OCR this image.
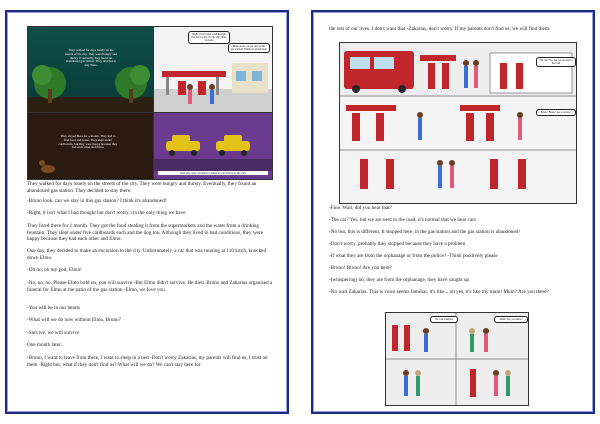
They walked for days lonely on the streets of the city. They were hungry and thirsty. Eventually, they found an abandoned gas station. They decided to stay there.
Right, it isn't what I had thought but don't worry, it's the only thing we have
Bruno look, can we stay in this gas station? I think it's abandoned!
They stayed there for a month. They had to find food and water. They slept under cardboards, but they were happy because they had each other and Elmo.
One day, they decided to make an excursion to the city
They walked for days lonely on the streets of the city. They were hungry and thirsty. Eventually, they found an abandoned gas station. They decided to stay there.
-Bruno look, can we stay in this gas station? I think it's abandoned!
-Right, it isn't what I had thought but don't worry, it's the only thing we have
They lived there for 1 month. They got the food stealing it from the supermarkets and the water from a drinking fountain. They slept under five cardboards each and the dog too. Although they lived in bad conditions, they were happy because they had each other and Elmo.
One day, they decided to make an excursion to the city. Unfortunately, a car that was running at 110 km/h, knocked down Elmo.
-Oh no, oh my god, Elmo!
-No, no, no. Please Elmo hold on, you will survive -But Elmo didn't survive. He died. Bruno and Zakarias organised a funeral for Elmo at the patio of the gas station -Elmo, we love you
-You will be in our hearts
-What will we do now without Elmo, Bruno?
-Survive, we will survive
One month later...
-Bruno, I want to leave from there, I want to sleep in a bed -Don't worry Zakarias, my parents will find us, I trust on them -Right but, what if they don't find us? What will we do? We can't stay here for
the rest of our lives. I don't want that -Zakarias, don't worry. If my parents don't find us, we will find them.
The car? Yes, but we are next to the road
Bruno! Bruno! Are you here?
-Fine. Wait, did you hear that?
-The car? Yes, but we are next to the road, it's normal that we hear cars
-No but, this is different. It stopped here, in the gas station and the gas station is abandoned!
-Don't worry, probably they stopped because they have a problem
-If what they are from the orphanage or from the police? -Think positively please
-Bruno! Bruno! Are you here?
-(whispering) no, they are from the orphanage, they have caught up
-No wait Zakarias. This is voice seems familiar, it's like... oh yes, it's like my mum! Mum? Are you there?
No wait Zakarias	Mum? Are you there?
